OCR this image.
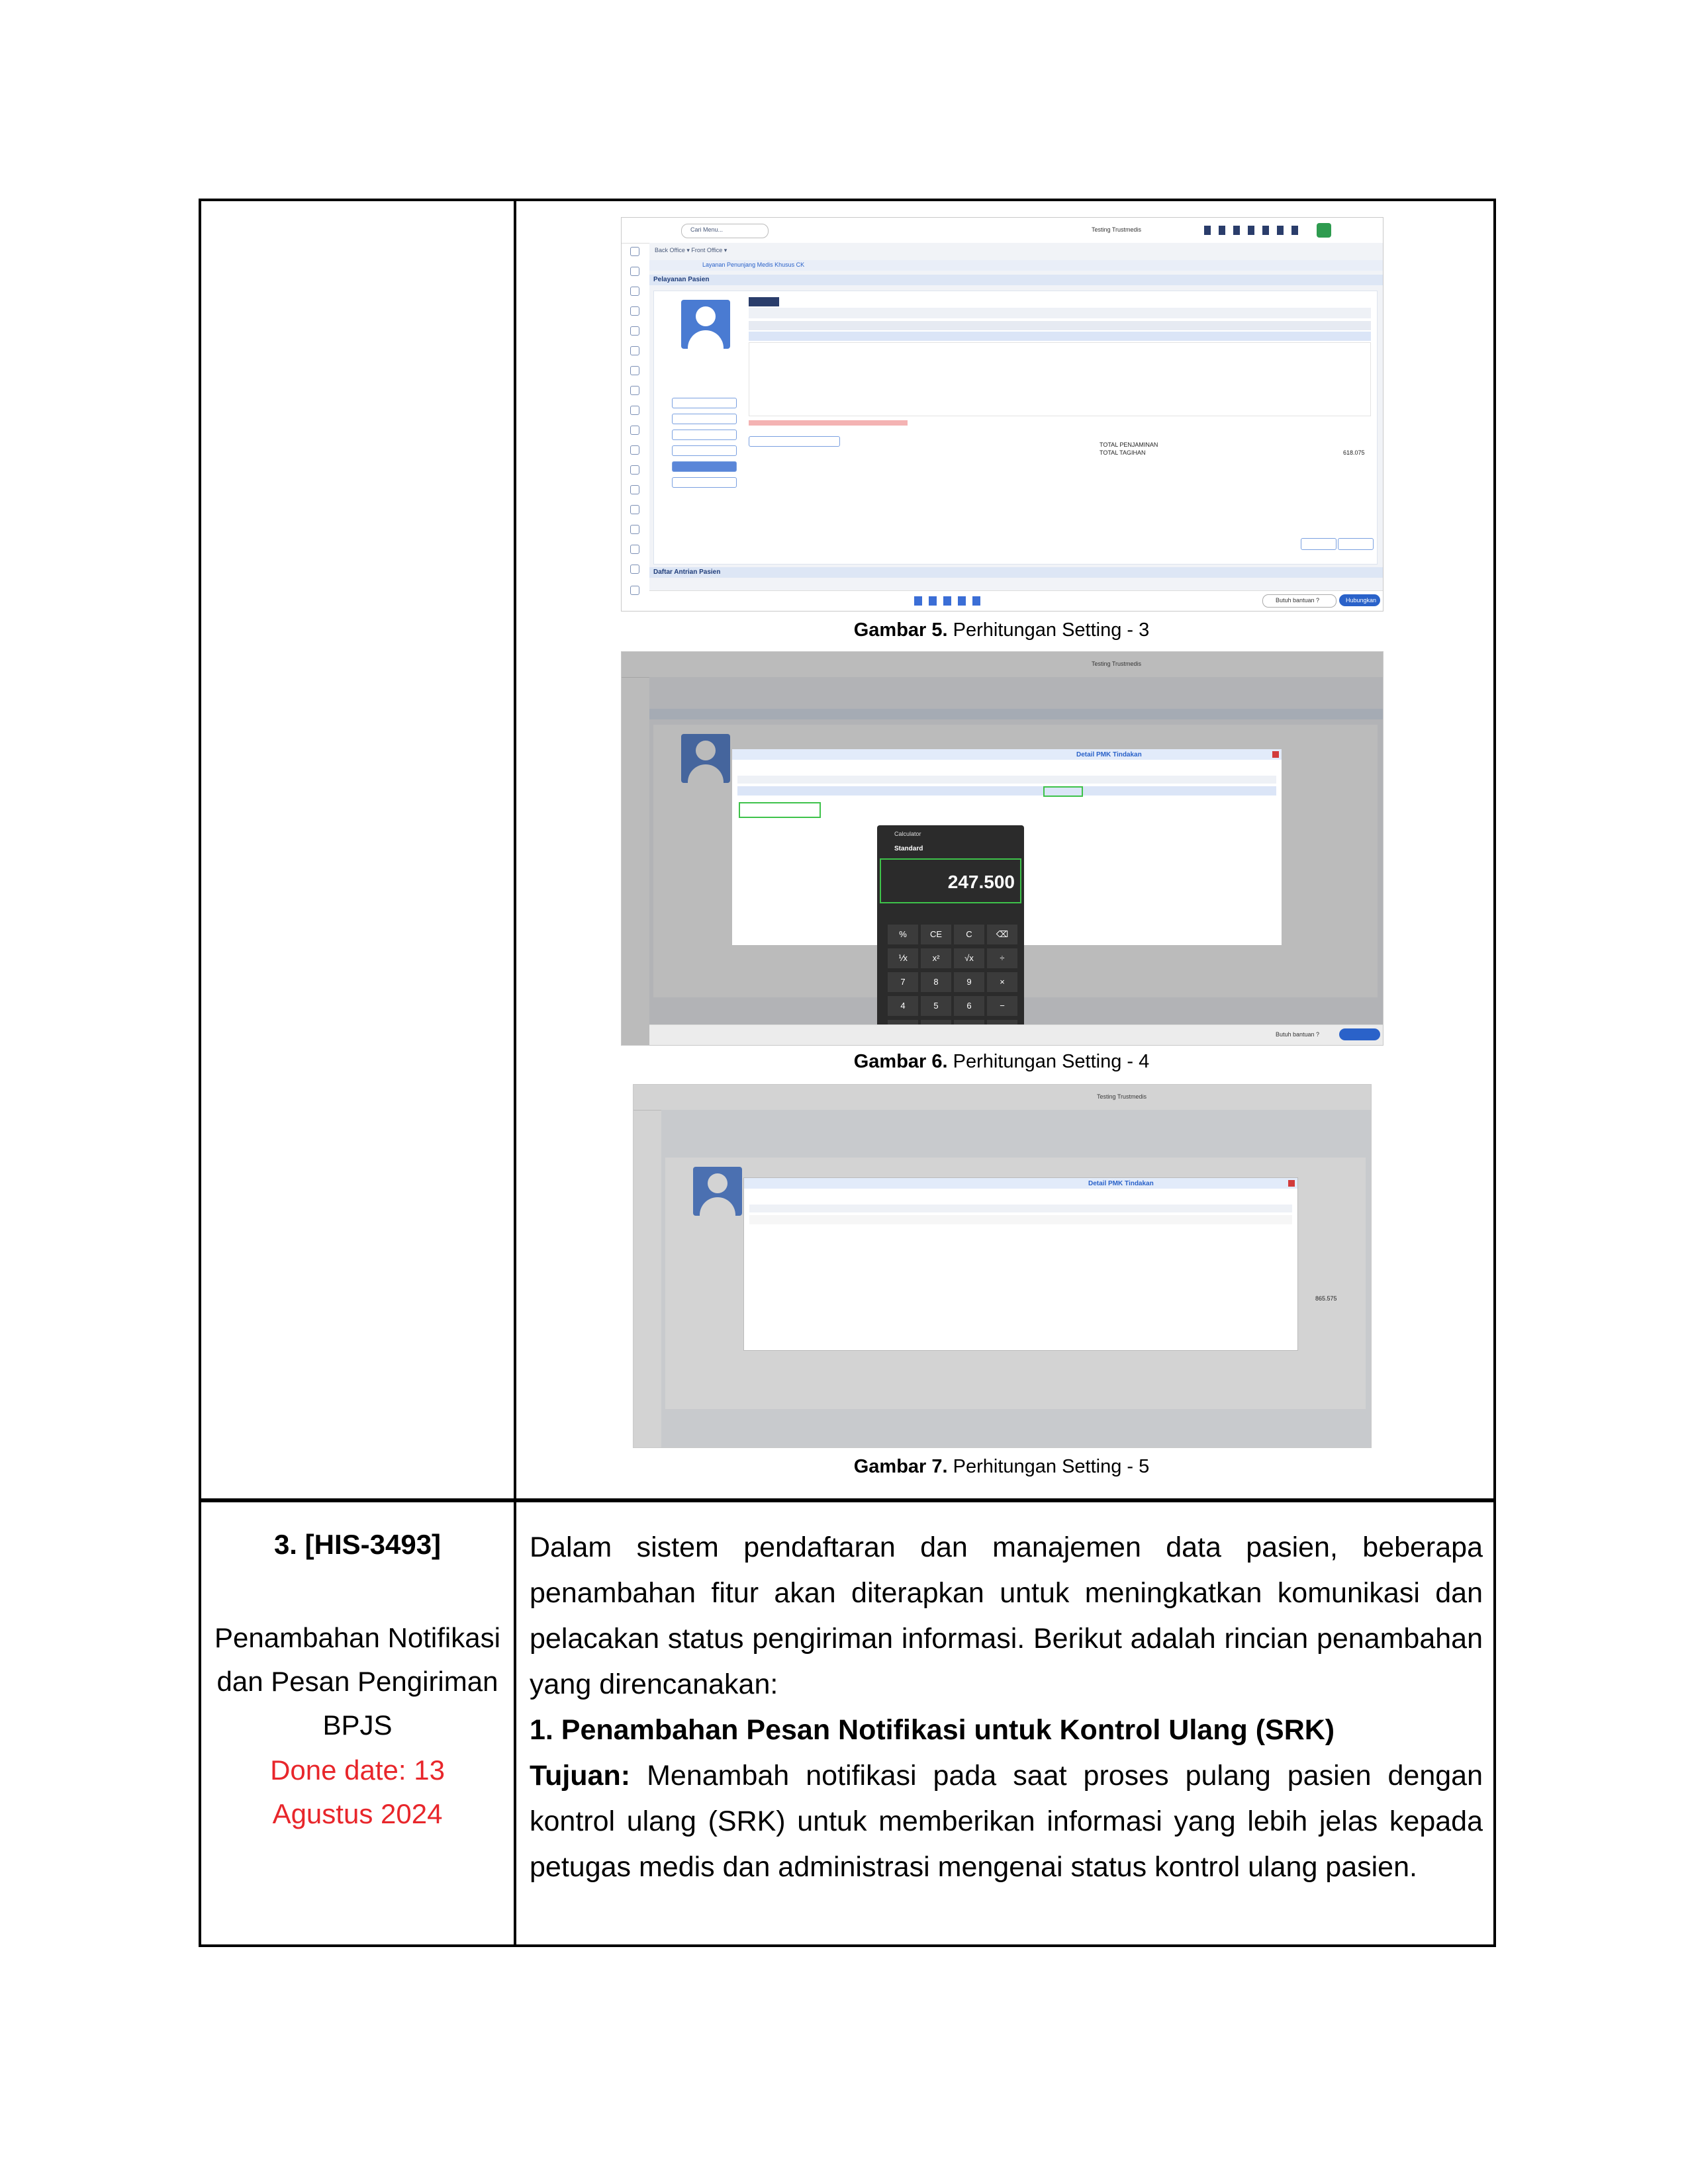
Cari Menu...	Testing Trustmedis
Back Office ▾ Front Office ▾
Layanan Penunjang Medis Khusus CK
Pelayanan Pasien
TOTAL PENJAMINAN
TOTAL TAGIHAN	618.075
Daftar Antrian Pasien
Butuh bantuan ?	Hubungkan
Gambar 5. Perhitungan Setting - 3
Testing Trustmedis
Detail PMK Tindakan
Calculator
Standard
247.500
%	CE	C	⌫
⅟x	x²	√x	÷
7	8	9	×
4	5	6	−
Butuh bantuan ?
Gambar 6. Perhitungan Setting - 4
Testing Trustmedis
Detail PMK Tindakan
865.575
Gambar 7. Perhitungan Setting - 5
3. [HIS-3493]
Penambahan Notifikasi dan Pesan Pengiriman BPJS
Done date: 13 Agustus 2024

Dalam sistem pendaftaran dan manajemen data pasien, beberapa penambahan fitur akan diterapkan untuk meningkatkan komunikasi dan pelacakan status pengiriman informasi. Berikut adalah rincian penambahan yang direncanakan:

1. Penambahan Pesan Notifikasi untuk Kontrol Ulang (SRK)

Tujuan: Menambah notifikasi pada saat proses pulang pasien dengan kontrol ulang (SRK) untuk memberikan informasi yang lebih jelas kepada petugas medis dan administrasi mengenai status kontrol ulang pasien.
